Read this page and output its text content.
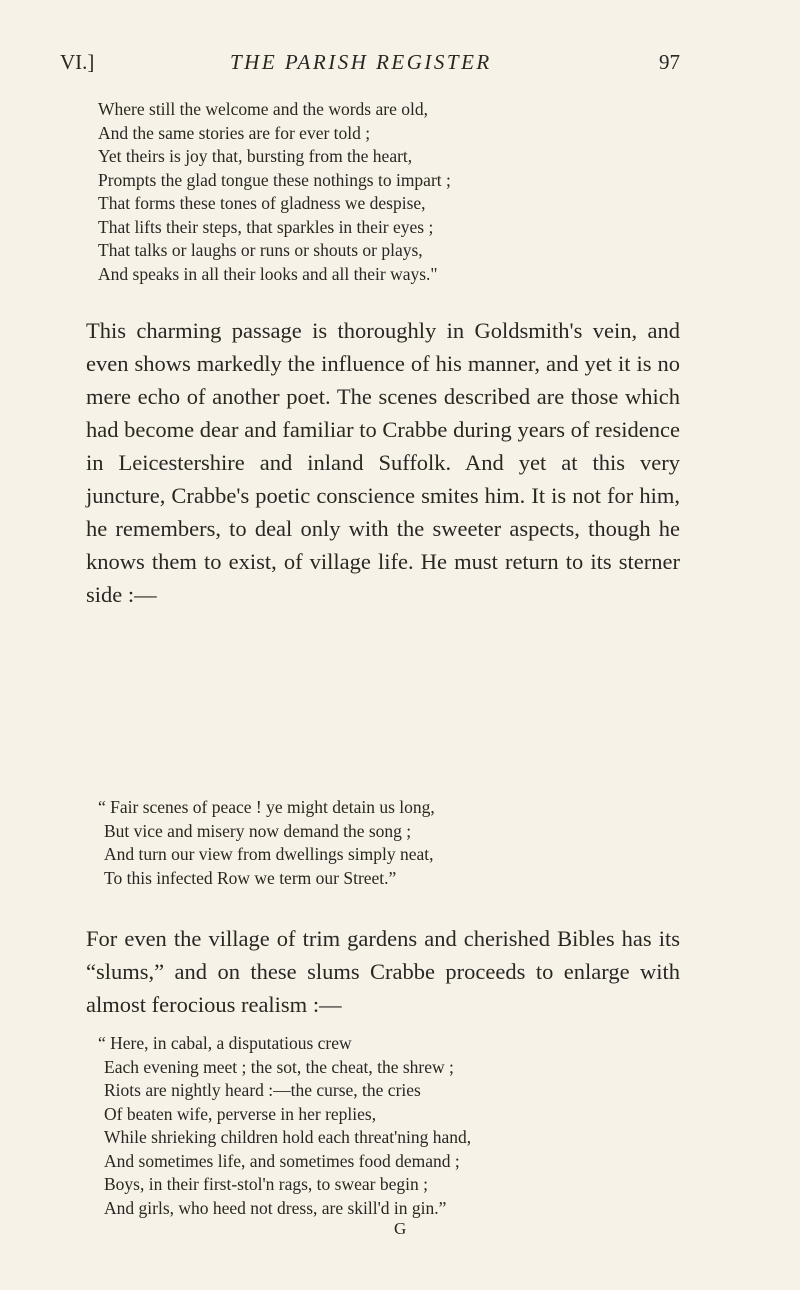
VI.]	THE PARISH REGISTER	97
Where still the welcome and the words are old,
And the same stories are for ever told ;
Yet theirs is joy that, bursting from the heart,
Prompts the glad tongue these nothings to impart ;
That forms these tones of gladness we despise,
That lifts their steps, that sparkles in their eyes ;
That talks or laughs or runs or shouts or plays,
And speaks in all their looks and all their ways."
This charming passage is thoroughly in Goldsmith's vein, and even shows markedly the influence of his manner, and yet it is no mere echo of another poet. The scenes described are those which had become dear and familiar to Crabbe during years of residence in Leicestershire and inland Suffolk. And yet at this very juncture, Crabbe's poetic conscience smites him. It is not for him, he remembers, to deal only with the sweeter aspects, though he knows them to exist, of village life. He must return to its sterner side :—
“ Fair scenes of peace ! ye might detain us long,
But vice and misery now demand the song ;
And turn our view from dwellings simply neat,
To this infected Row we term our Street.”
For even the village of trim gardens and cherished Bibles has its “slums,” and on these slums Crabbe proceeds to enlarge with almost ferocious realism :—
“ Here, in cabal, a disputatious crew
Each evening meet ; the sot, the cheat, the shrew ;
Riots are nightly heard :—the curse, the cries
Of beaten wife, perverse in her replies,
While shrieking children hold each threat'ning hand,
And sometimes life, and sometimes food demand ;
Boys, in their first-stol'n rags, to swear begin ;
And girls, who heed not dress, are skill'd in gin.”
G
